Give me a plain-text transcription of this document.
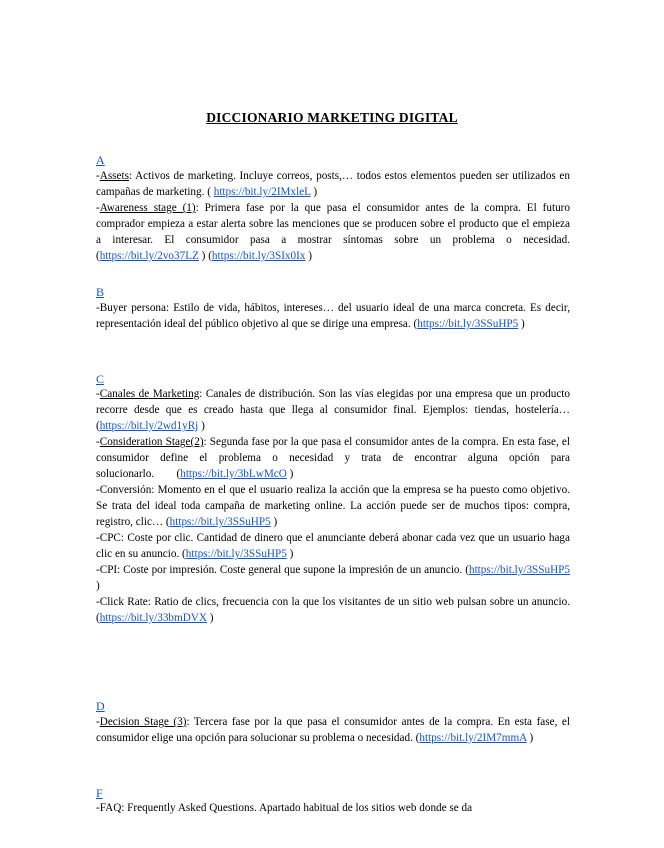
DICCIONARIO MARKETING DIGITAL
A

-Assets: Activos de marketing. Incluye correos, posts,… todos estos elementos pueden ser utilizados en campañas de marketing. ( https://bit.ly/2IMxleL )

-Awareness stage (1): Primera fase por la que pasa el consumidor antes de la compra. El futuro comprador empieza a estar alerta sobre las menciones que se producen sobre el producto que el empieza a interesar. El consumidor pasa a mostrar síntomas sobre un problema o necesidad. (https://bit.ly/2vo37LZ ) (https://bit.ly/3SIx0Ix )

B

-Buyer persona: Estilo de vida, hábitos, intereses… del usuario ideal de una marca concreta. Es decir, representación ideal del público objetivo al que se dirige una empresa. (https://bit.ly/3SSuHP5 )

C

-Canales de Marketing: Canales de distribución. Son las vías elegidas por una empresa que un producto recorre desde que es creado hasta que llega al consumidor final. Ejemplos: tiendas, hostelería… (https://bit.ly/2wd1yRj )

-Consideration Stage(2): Segunda fase por la que pasa el consumidor antes de la compra. En esta fase, el consumidor define el problema o necesidad y trata de encontrar alguna opción para solucionarlo.        (https://bit.ly/3bLwMcO )

-Conversión: Momento en el que el usuario realiza la acción que la empresa se ha puesto como objetivo. Se trata del ideal toda campaña de marketing online. La acción puede ser de muchos tipos: compra, registro, clic… (https://bit.ly/3SSuHP5 )

-CPC: Coste por clic. Cantidad de dinero que el anunciante deberá abonar cada vez que un usuario haga clic en su anuncio. (https://bit.ly/3SSuHP5 )

-CPI: Coste por impresión. Coste general que supone la impresión de un anuncio. (https://bit.ly/3SSuHP5 )

-Click Rate: Ratio de clics, frecuencia con la que los visitantes de un sitio web pulsan sobre un anuncio. (https://bit.ly/33bmDVX )

D

-Decision Stage (3): Tercera fase por la que pasa el consumidor antes de la compra. En esta fase, el consumidor elige una opción para solucionar su problema o necesidad. (https://bit.ly/2IM7mmA )

F

-FAQ: Frequently Asked Questions. Apartado habitual de los sitios web donde se da
